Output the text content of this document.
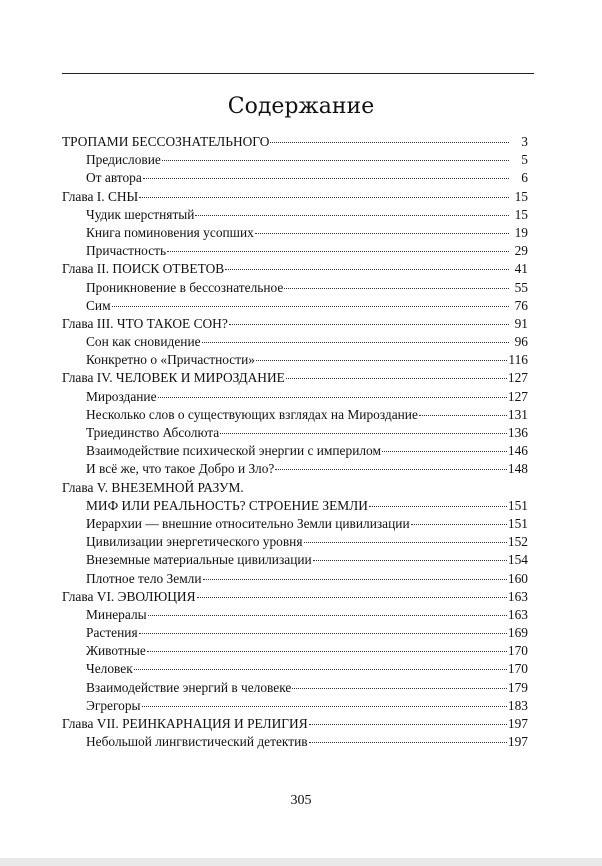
Содержание
ТРОПАМИ БЕССОЗНАТЕЛЬНОГО	3
Предисловие	5
От автора	6
Глава I. СНЫ	15
Чудик шерстнятый	15
Книга поминовения усопших	19
Причастность	29
Глава II. ПОИСК ОТВЕТОВ	41
Проникновение в бессознательное	55
Сим	76
Глава III. ЧТО ТАКОЕ СОН?	91
Сон как сновидение	96
Конкретно о «Причастности»	116
Глава IV. ЧЕЛОВЕК И МИРОЗДАНИЕ	127
Мироздание	127
Несколько слов о существующих взглядах на Мироздание	131
Триединство Абсолюта	136
Взаимодействие психической энергии с империлом	146
И всё же, что такое Добро и Зло?	148
Глава V. ВНЕЗЕМНОЙ РАЗУМ.
МИФ ИЛИ РЕАЛЬНОСТЬ? СТРОЕНИЕ ЗЕМЛИ	151
Иерархии — внешние относительно Земли цивилизации	151
Цивилизации энергетического уровня	152
Внеземные материальные цивилизации	154
Плотное тело Земли	160
Глава VI. ЭВОЛЮЦИЯ	163
Минералы	163
Растения	169
Животные	170
Человек	170
Взаимодействие энергий в человеке	179
Эгрегоры	183
Глава VII. РЕИНКАРНАЦИЯ И РЕЛИГИЯ	197
Небольшой лингвистический детектив	197
305
